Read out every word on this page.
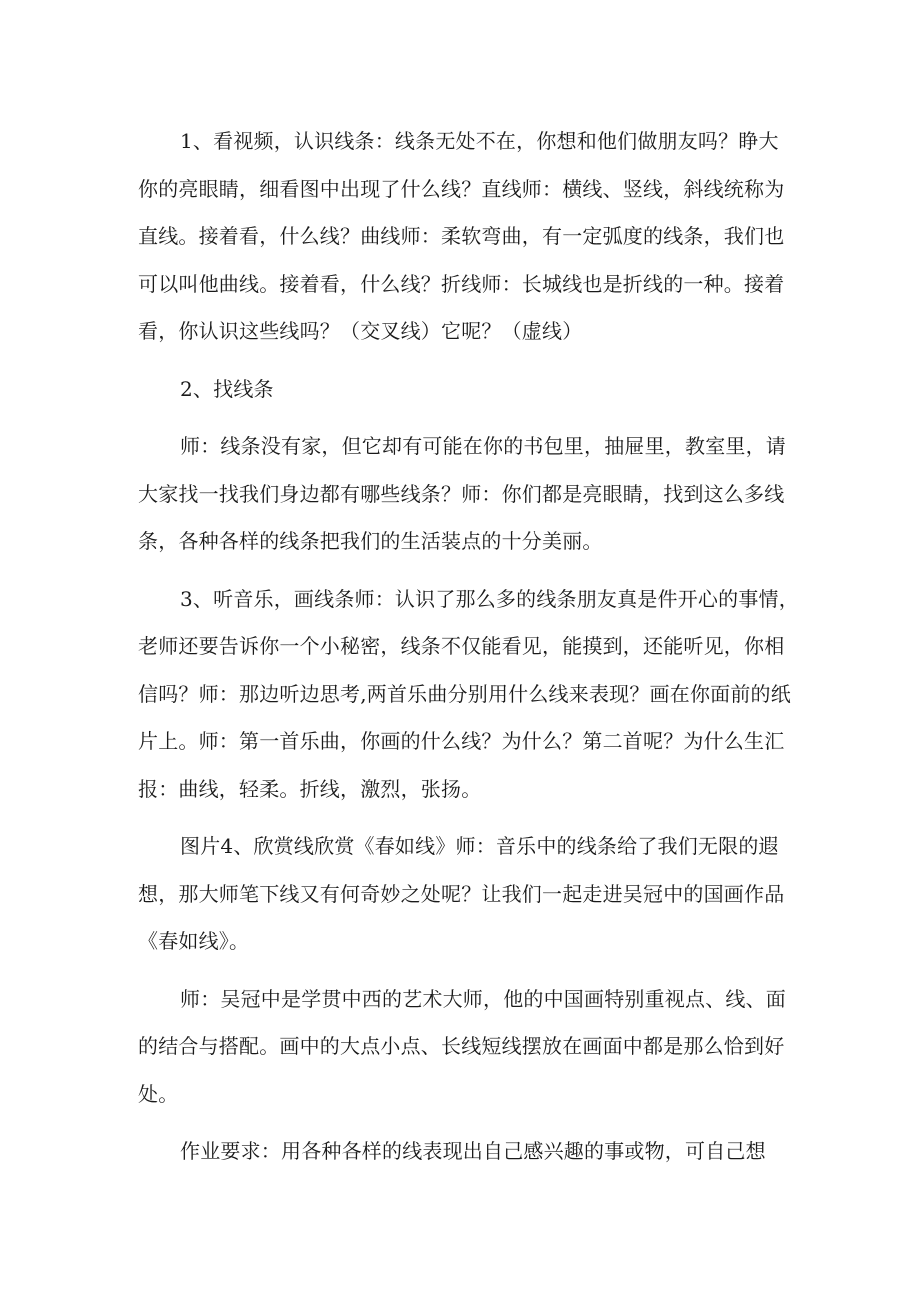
1、看视频，认识线条：线条无处不在，你想和他们做朋友吗？睁大
你的亮眼睛，细看图中出现了什么线？直线师：横线、竖线，斜线统称为
直线。接着看，什么线？曲线师：柔软弯曲，有一定弧度的线条，我们也
可以叫他曲线。接着看，什么线？折线师：长城线也是折线的一种。接着
看，你认识这些线吗？（交叉线）它呢？（虚线）
2、找线条
师：线条没有家，但它却有可能在你的书包里，抽屉里，教室里，请
大家找一找我们身边都有哪些线条？师：你们都是亮眼睛，找到这么多线
条，各种各样的线条把我们的生活装点的十分美丽。
3、听音乐，画线条师：认识了那么多的线条朋友真是件开心的事情，
老师还要告诉你一个小秘密，线条不仅能看见，能摸到，还能听见，你相
信吗？师：那边听边思考,两首乐曲分别用什么线来表现？画在你面前的纸
片上。师：第一首乐曲，你画的什么线？为什么？第二首呢？为什么生汇
报：曲线，轻柔。折线，激烈，张扬。
图片4、欣赏线欣赏《春如线》师：音乐中的线条给了我们无限的遐
想，那大师笔下线又有何奇妙之处呢？让我们一起走进吴冠中的国画作品
《春如线》。
师：吴冠中是学贯中西的艺术大师，他的中国画特别重视点、线、面
的结合与搭配。画中的大点小点、长线短线摆放在画面中都是那么恰到好
处。
作业要求：用各种各样的线表现出自己感兴趣的事或物，可自己想
